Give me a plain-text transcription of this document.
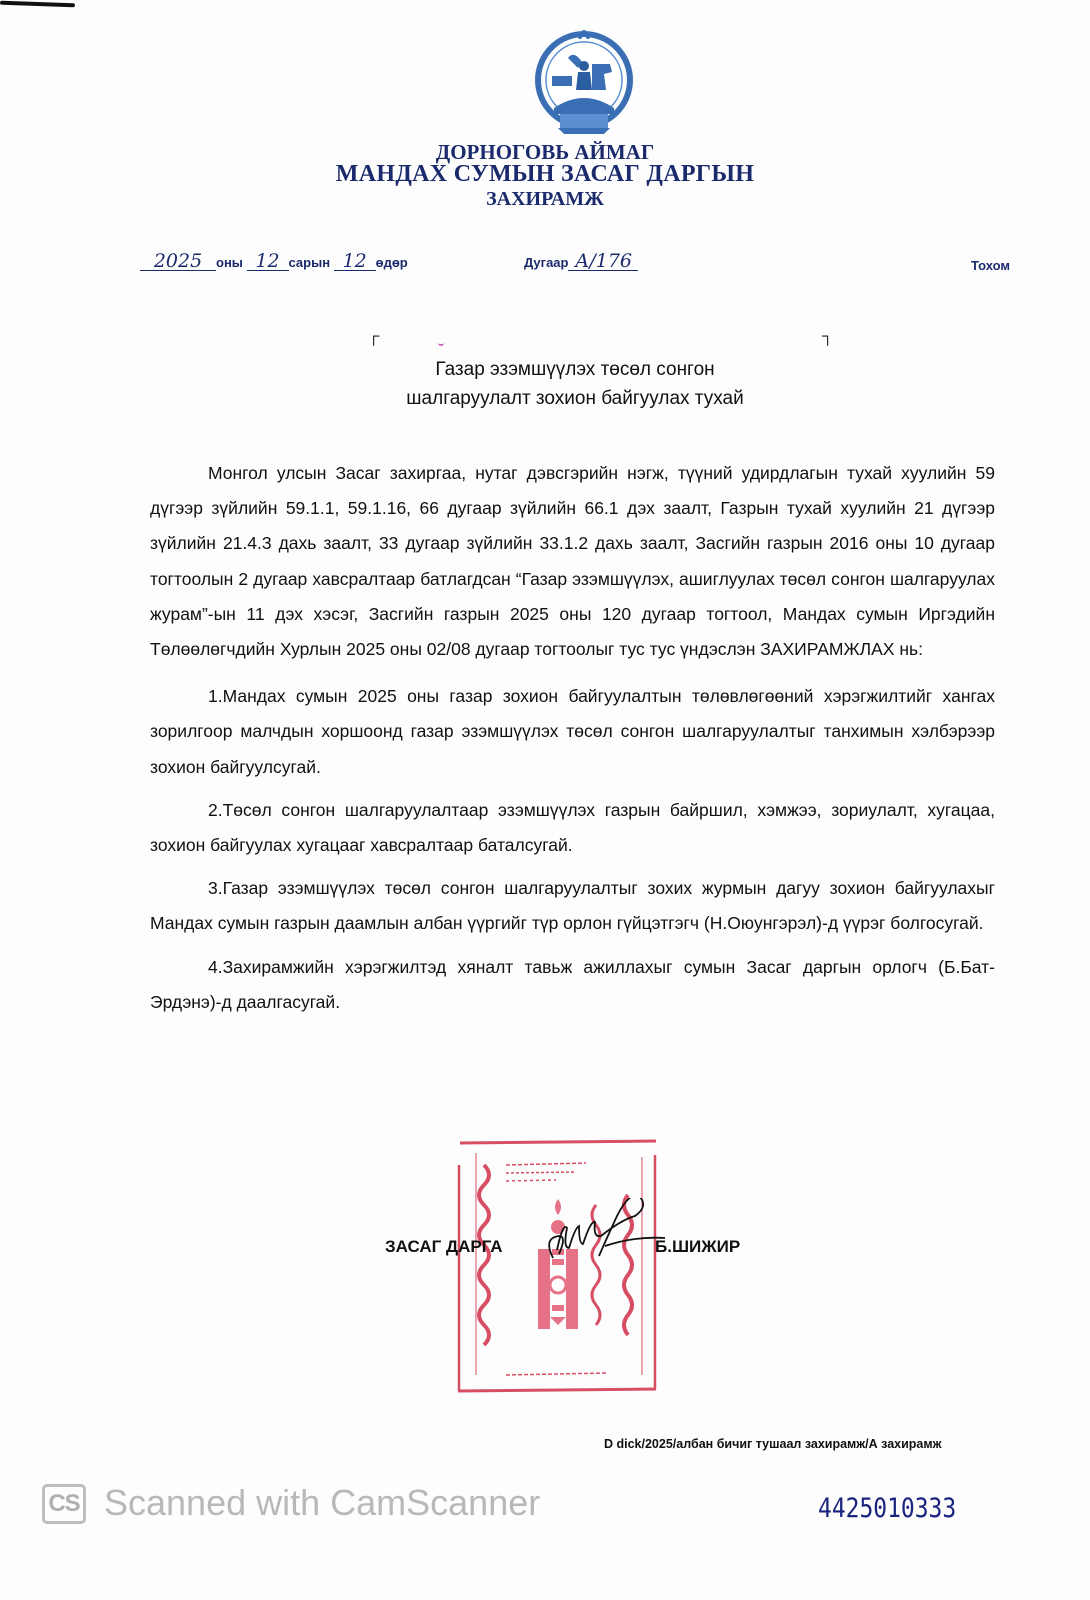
ДОРНОГОВЬ АЙМАГ
МАНДАХ СУМЫН ЗАСАГ ДАРГЫН
ЗАХИРАМЖ
2025 оны 12 сарын 12 өдөр	Дугаар А/176	Тохом
┌	┐
Газар эзэмшүүлэх төсөл сонгон
шалгаруулалт зохион байгуулах тухай

Монгол улсын Засаг захиргаа, нутаг дэвсгэрийн нэгж, түүний удирдлагын тухай хуулийн 59 дүгээр зүйлийн 59.1.1, 59.1.16, 66 дугаар зүйлийн 66.1 дэх заалт, Газрын тухай хуулийн 21 дүгээр зүйлийн 21.4.3 дахь заалт, 33 дугаар зүйлийн 33.1.2 дахь заалт, Засгийн газрын 2016 оны 10 дугаар тогтоолын 2 дугаар хавсралтаар батлагдсан “Газар эзэмшүүлэх, ашиглуулах төсөл сонгон шалгаруулах журам”-ын 11 дэх хэсэг, Засгийн газрын 2025 оны 120 дугаар тогтоол, Мандах сумын Иргэдийн Төлөөлөгчдийн Хурлын 2025 оны 02/08 дугаар тогтоолыг тус тус үндэслэн ЗАХИРАМЖЛАХ нь:

1.Мандах сумын 2025 оны газар зохион байгуулалтын төлөвлөгөөний хэрэгжилтийг хангах зорилгоор малчдын хоршоонд газар эзэмшүүлэх төсөл сонгон шалгаруулалтыг танхимын хэлбэрээр зохион байгуулсугай.

2.Төсөл сонгон шалгаруулалтаар эзэмшүүлэх газрын байршил, хэмжээ, зориулалт, хугацаа, зохион байгуулах хугацааг хавсралтаар баталсугай.

3.Газар эзэмшүүлэх төсөл сонгон шалгаруулалтыг зохих журмын дагуу зохион байгуулахыг Мандах сумын газрын даамлын албан үүргийг түр орлон гүйцэтгэгч (Н.Оюунгэрэл)-д үүрэг болгосугай.

4.Захирамжийн хэрэгжилтэд хяналт тавьж ажиллахыг сумын Засаг даргын орлогч (Б.Бат-Эрдэнэ)-д даалгасугай.

ЗАСАГ ДАРГА	Б.ШИЖИР
D dick/2025/албан бичиг тушаал захирамж/А захирамж
4425010333
CS Scanned with CamScanner
